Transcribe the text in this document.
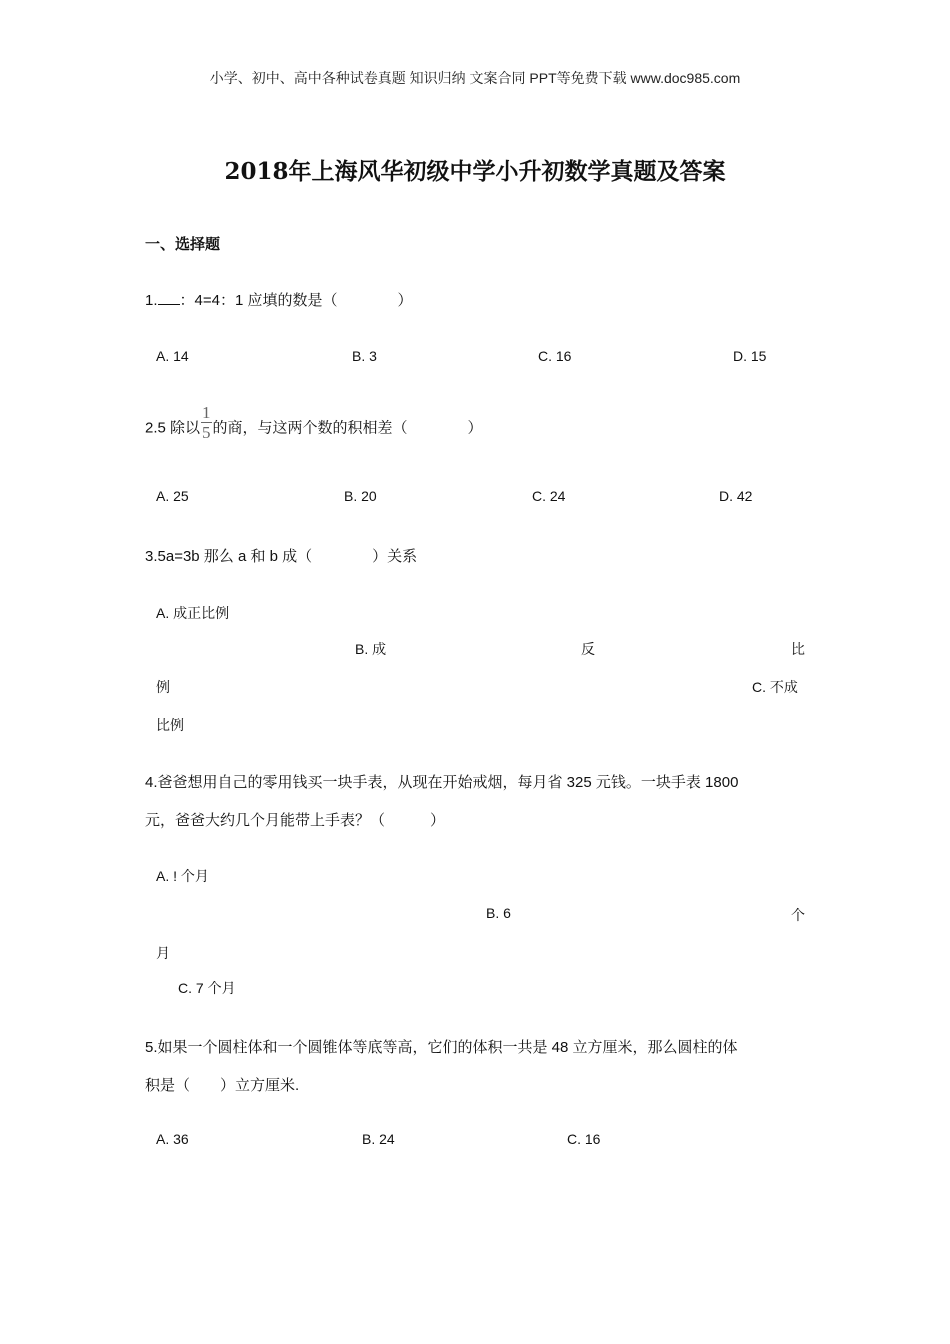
小学、初中、高中各种试卷真题 知识归纳 文案合同 PPT等免费下载 www.doc985.com
2018年上海风华初级中学小升初数学真题及答案
一、选择题
1. ：4=4：1 应填的数是（　　　　）
A. 14	B. 3	C. 16	D. 15
2.5 除以 $\frac{1}{5}$ 的商，与这两个数的积相差（　　　　）
A. 25	B. 20	C. 24	D. 42
3.5a=3b 那么 a 和 b 成（　　　　）关系
A. 成正比例
B. 成	反	比
例	C. 不成
比例
4.爸爸想用自己的零用钱买一块手表，从现在开始戒烟，每月省 325 元钱。一块手表 1800
元，爸爸大约几个月能带上手表？（　　　）
A. ! 个月
B. 6	个
月
C. 7 个月
5.如果一个圆柱体和一个圆锥体等底等高，它们的体积一共是 48 立方厘米，那么圆柱的体
积是（　　）立方厘米.
A. 36	B. 24	C. 16
